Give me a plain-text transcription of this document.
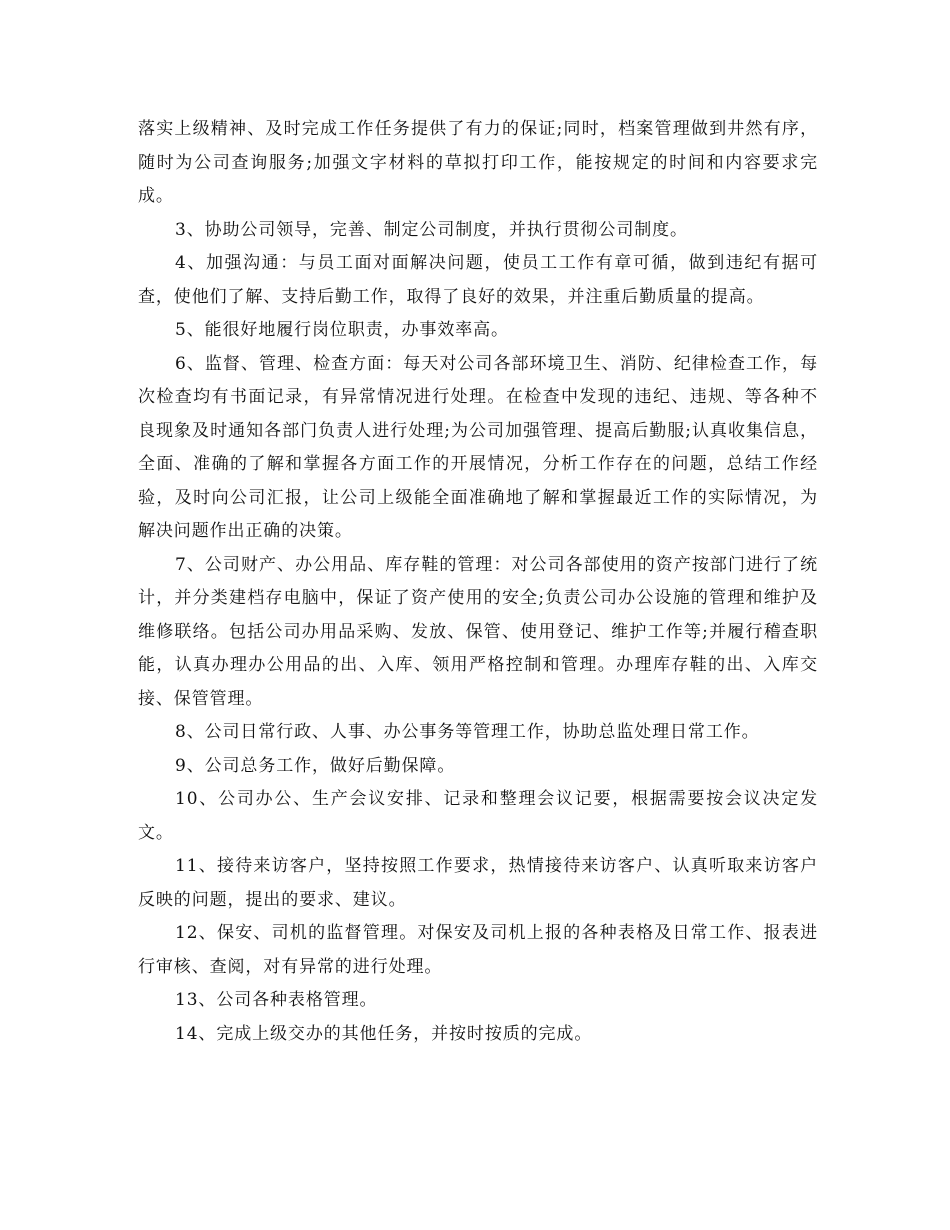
落实上级精神、及时完成工作任务提供了有力的保证;同时，档案管理做到井然有序，随时为公司查询服务;加强文字材料的草拟打印工作，能按规定的时间和内容要求完成。

3、协助公司领导，完善、制定公司制度，并执行贯彻公司制度。

4、加强沟通：与员工面对面解决问题，使员工工作有章可循，做到违纪有据可查，使他们了解、支持后勤工作，取得了良好的效果，并注重后勤质量的提高。

5、能很好地履行岗位职责，办事效率高。

6、监督、管理、检查方面：每天对公司各部环境卫生、消防、纪律检查工作，每次检查均有书面记录，有异常情况进行处理。在检查中发现的违纪、违规、等各种不良现象及时通知各部门负责人进行处理;为公司加强管理、提高后勤服;认真收集信息，全面、准确的了解和掌握各方面工作的开展情况，分析工作存在的问题，总结工作经验，及时向公司汇报，让公司上级能全面准确地了解和掌握最近工作的实际情况，为解决问题作出正确的决策。

7、公司财产、办公用品、库存鞋的管理：对公司各部使用的资产按部门进行了统计，并分类建档存电脑中，保证了资产使用的安全;负责公司办公设施的管理和维护及维修联络。包括公司办用品采购、发放、保管、使用登记、维护工作等;并履行稽查职能，认真办理办公用品的出、入库、领用严格控制和管理。办理库存鞋的出、入库交接、保管管理。

8、公司日常行政、人事、办公事务等管理工作，协助总监处理日常工作。

9、公司总务工作，做好后勤保障。

10、公司办公、生产会议安排、记录和整理会议记要，根据需要按会议决定发文。

11、接待来访客户，坚持按照工作要求，热情接待来访客户、认真听取来访客户反映的问题，提出的要求、建议。

12、保安、司机的监督管理。对保安及司机上报的各种表格及日常工作、报表进行审核、查阅，对有异常的进行处理。

13、公司各种表格管理。

14、完成上级交办的其他任务，并按时按质的完成。
